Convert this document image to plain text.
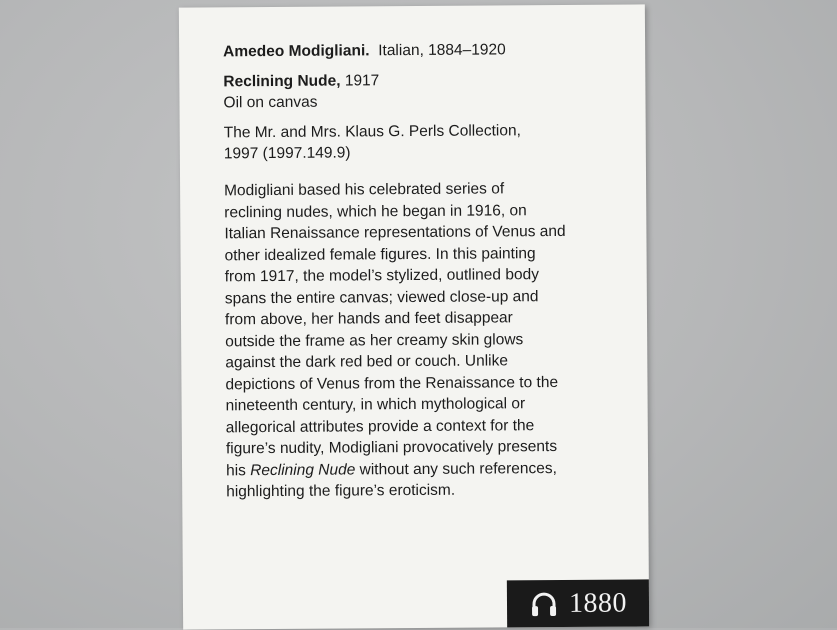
Amedeo Modigliani. Italian, 1884–1920

Reclining Nude, 1917

Oil on canvas

The Mr. and Mrs. Klaus G. Perls Collection,

1997 (1997.149.9)

Modigliani based his celebrated series of

reclining nudes, which he began in 1916, on

Italian Renaissance representations of Venus and

other idealized female figures. In this painting

from 1917, the model’s stylized, outlined body

spans the entire canvas; viewed close-up and

from above, her hands and feet disappear

outside the frame as her creamy skin glows

against the dark red bed or couch. Unlike

depictions of Venus from the Renaissance to the

nineteenth century, in which mythological or

allegorical attributes provide a context for the

figure’s nudity, Modigliani provocatively presents

his Reclining Nude without any such references,

highlighting the figure’s eroticism.

1880
